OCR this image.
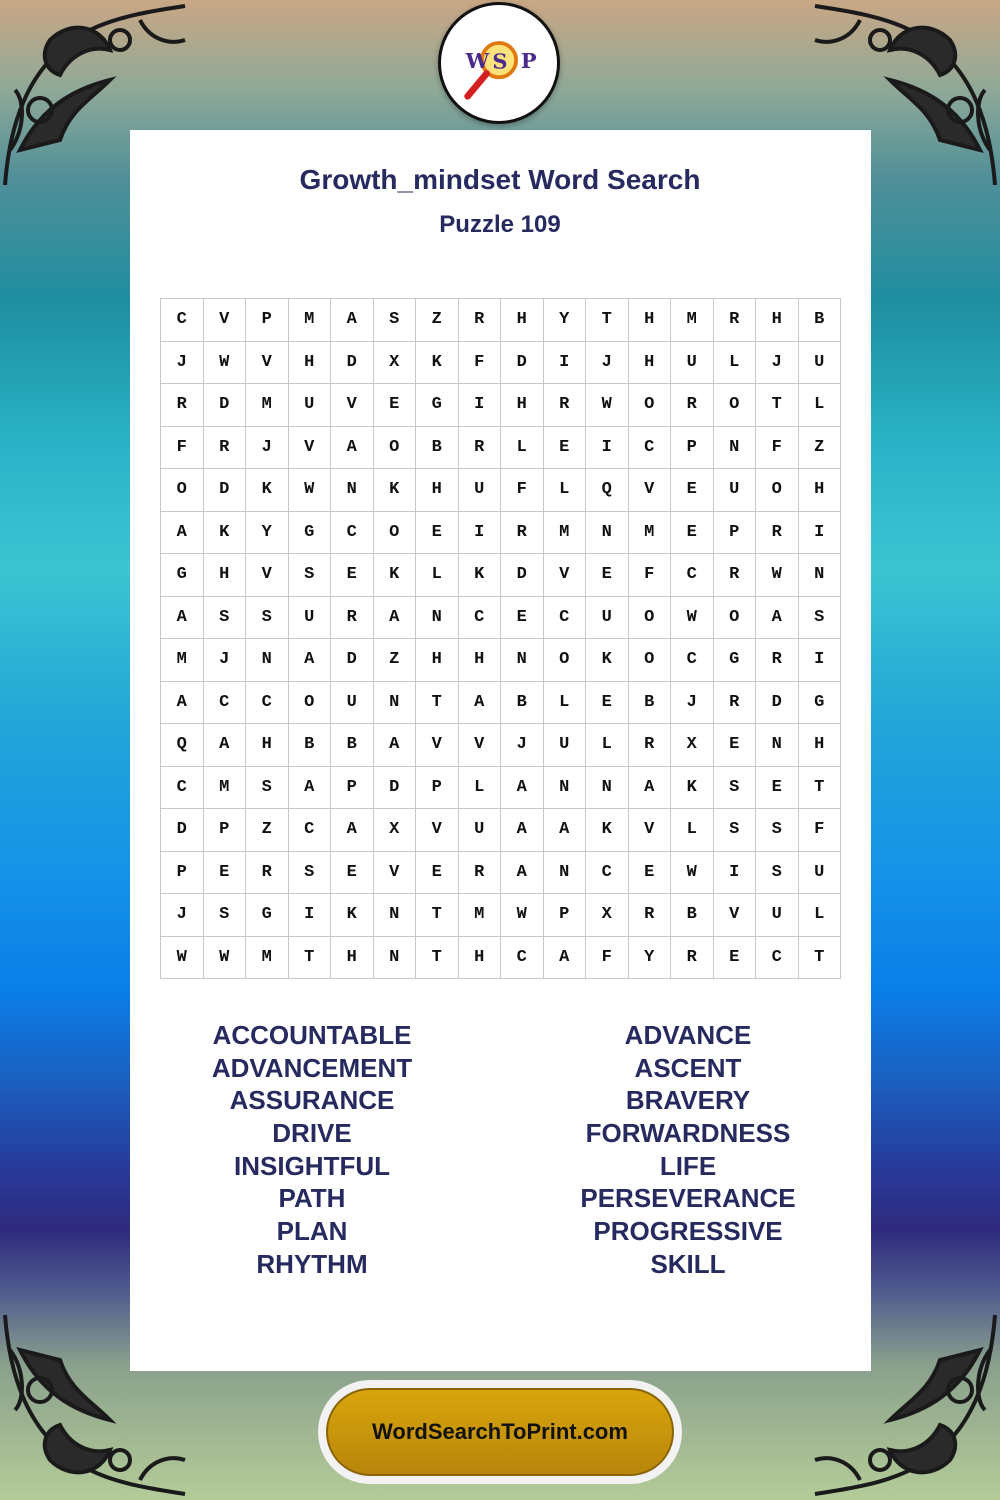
W S P
Growth_mindset Word Search
Puzzle 109
C	V	P	M	A	S	Z	R	H	Y	T	H	M	R	H	B
J	W	V	H	D	X	K	F	D	I	J	H	U	L	J	U
R	D	M	U	V	E	G	I	H	R	W	O	R	O	T	L
F	R	J	V	A	O	B	R	L	E	I	C	P	N	F	Z
O	D	K	W	N	K	H	U	F	L	Q	V	E	U	O	H
A	K	Y	G	C	O	E	I	R	M	N	M	E	P	R	I
G	H	V	S	E	K	L	K	D	V	E	F	C	R	W	N
A	S	S	U	R	A	N	C	E	C	U	O	W	O	A	S
M	J	N	A	D	Z	H	H	N	O	K	O	C	G	R	I
A	C	C	O	U	N	T	A	B	L	E	B	J	R	D	G
Q	A	H	B	B	A	V	V	J	U	L	R	X	E	N	H
C	M	S	A	P	D	P	L	A	N	N	A	K	S	E	T
D	P	Z	C	A	X	V	U	A	A	K	V	L	S	S	F
P	E	R	S	E	V	E	R	A	N	C	E	W	I	S	U
J	S	G	I	K	N	T	M	W	P	X	R	B	V	U	L
W	W	M	T	H	N	T	H	C	A	F	Y	R	E	C	T
ACCOUNTABLE
ADVANCEMENT
ASSURANCE
DRIVE
INSIGHTFUL
PATH
PLAN
RHYTHM
ADVANCE
ASCENT
BRAVERY
FORWARDNESS
LIFE
PERSEVERANCE
PROGRESSIVE
SKILL
WordSearchToPrint.com
